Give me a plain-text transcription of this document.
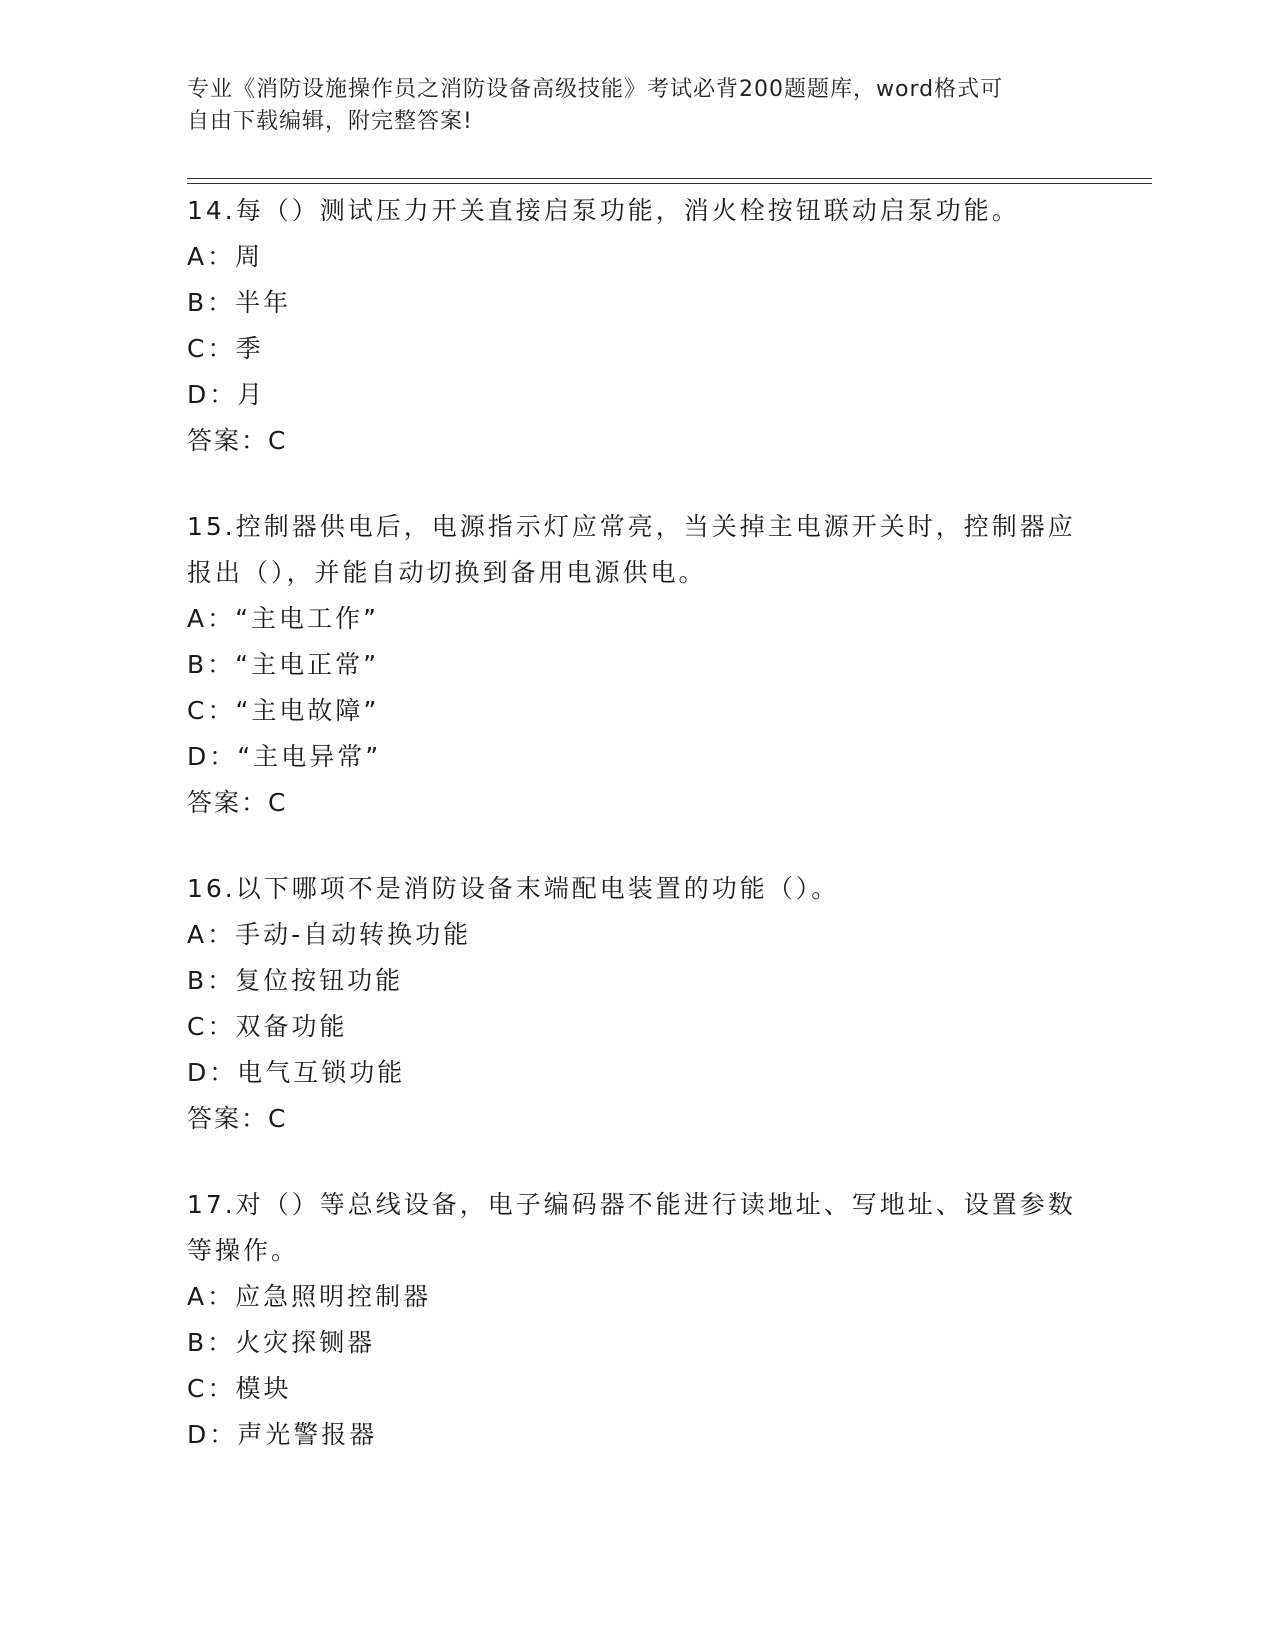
专业《消防设施操作员之消防设备高级技能》考试必背200题题库，word格式可

自由下载编辑，附完整答案!

14.每（）测试压力开关直接启泵功能，消火栓按钮联动启泵功能。

A：周

B：半年

C：季

D：月

答案：C

15.控制器供电后，电源指示灯应常亮，当关掉主电源开关时，控制器应报出（），并能自动切换到备用电源供电。

A：“主电工作”

B：“主电正常”

C：“主电故障”

D：“主电异常”

答案：C

16.以下哪项不是消防设备末端配电装置的功能（）。

A：手动-自动转换功能

B：复位按钮功能

C：双备功能

D：电气互锁功能

答案：C

17.对（）等总线设备，电子编码器不能进行读地址、写地址、设置参数等操作。

A：应急照明控制器

B：火灾探铡器

C：模块

D：声光警报器
